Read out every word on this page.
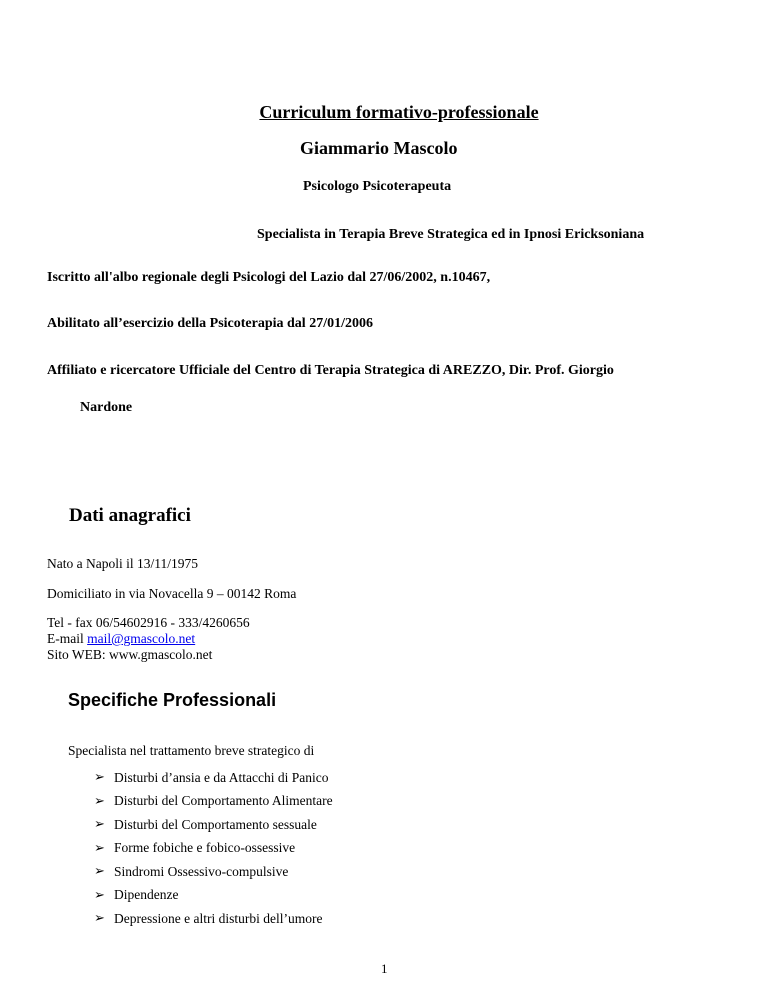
Curriculum formativo-professionale
Giammario Mascolo
Psicologo Psicoterapeuta
Specialista in Terapia Breve Strategica ed in Ipnosi Ericksoniana
Iscritto all'albo regionale degli Psicologi del Lazio dal 27/06/2002, n.10467,
Abilitato all’esercizio della Psicoterapia dal 27/01/2006
Affiliato e ricercatore Ufficiale del Centro di Terapia Strategica di AREZZO, Dir. Prof. Giorgio
Nardone
Dati anagrafici
Nato a Napoli il 13/11/1975
Domiciliato in via Novacella 9 – 00142 Roma
Tel - fax 06/54602916 - 333/4260656
E-mail mail@gmascolo.net
Sito WEB: www.gmascolo.net
Specifiche Professionali
Specialista nel trattamento breve strategico di
➢ Disturbi d’ansia e da Attacchi di Panico
➢ Disturbi del Comportamento Alimentare
➢ Disturbi del Comportamento sessuale
➢ Forme fobiche e fobico-ossessive
➢ Sindromi Ossessivo-compulsive
➢ Dipendenze
➢ Depressione e altri disturbi dell’umore
1
